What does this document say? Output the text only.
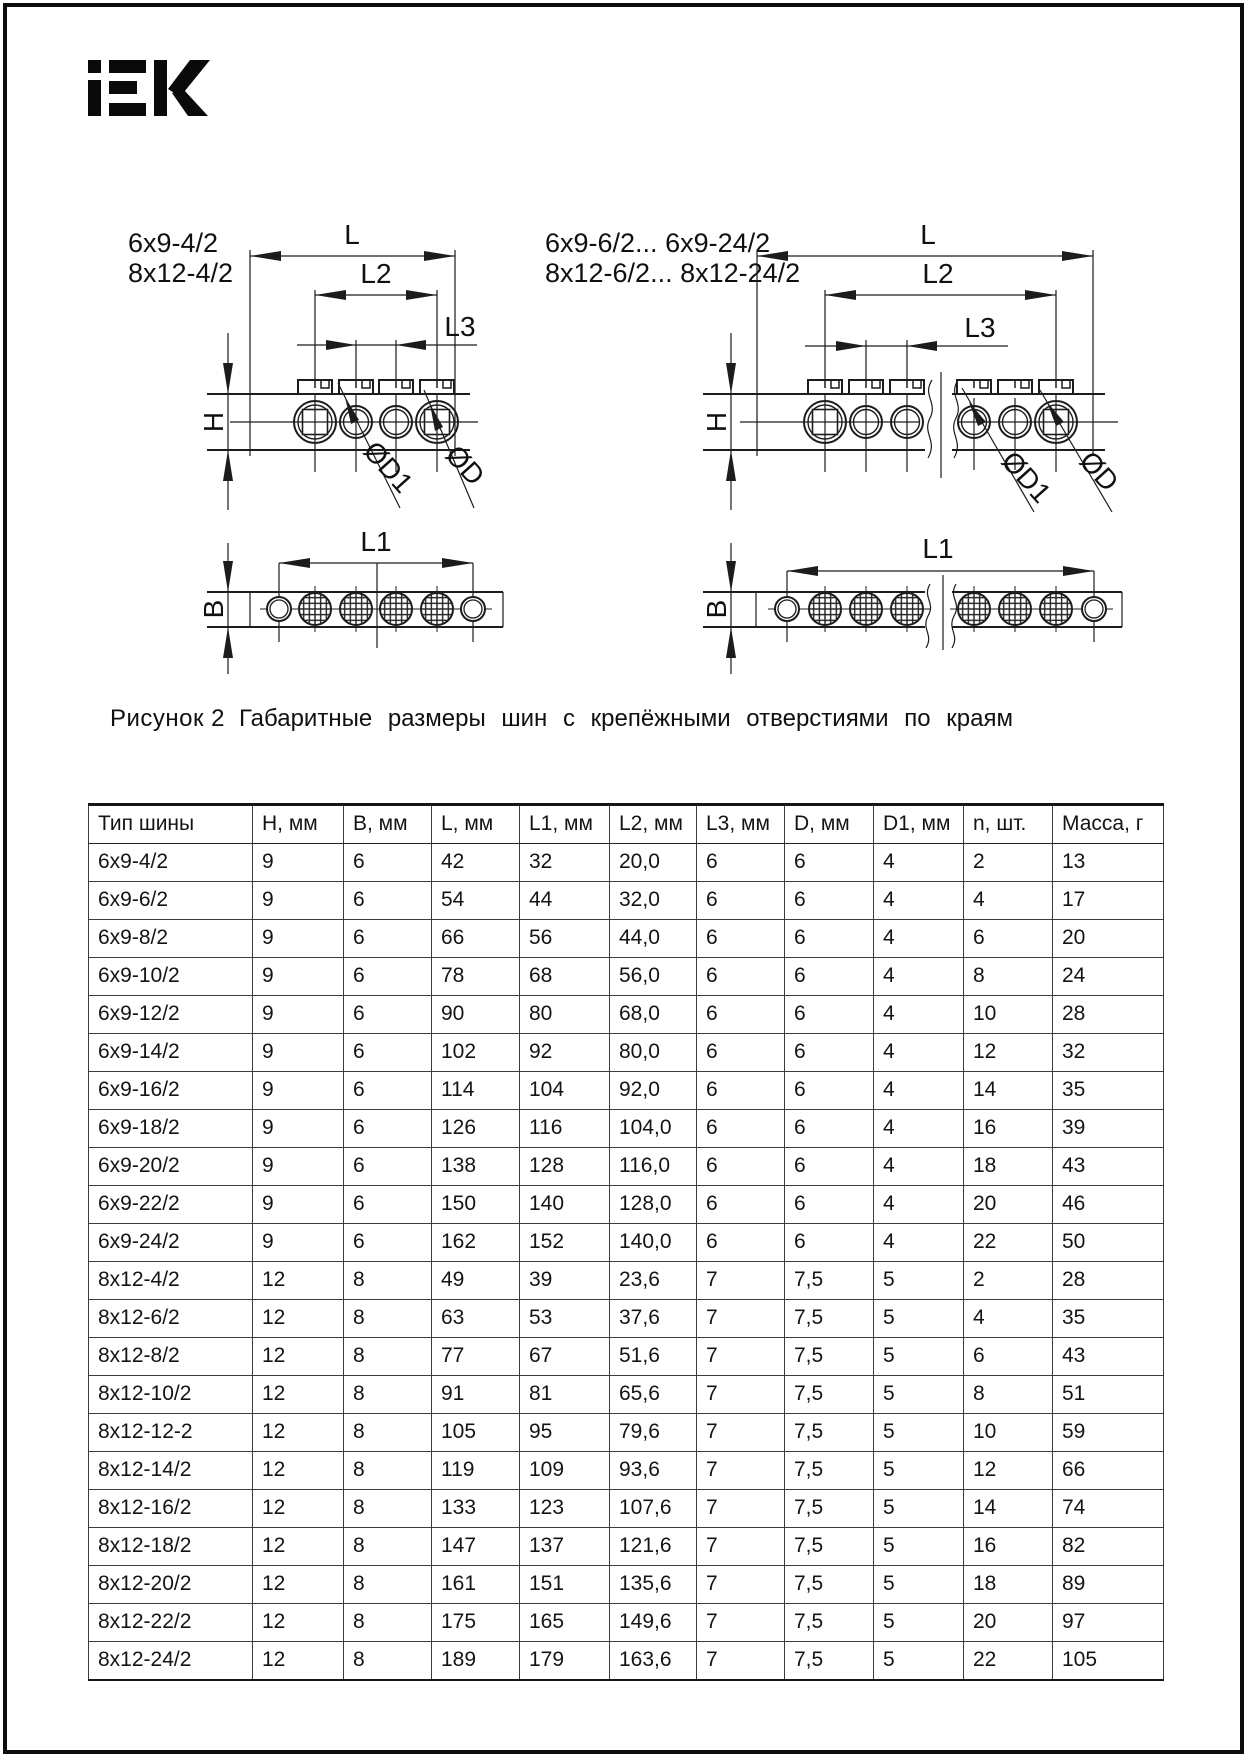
6x9-4/2
8x12-4/2
L
L2
L3
H
ØD1 ØD
L1
B
6x9-6/2... 6x9-24/2
8x12-6/2... 8x12-24/2
L
L2
L3
H
ØD1 ØD
L1
B
Рисунок 2 Габаритные размеры шин с крепёжными отверстиями по краям
Тип шины	H, мм	B, мм	L, мм	L1, мм	L2, мм	L3, мм	D, мм	D1, мм	n, шт.	Масса, г
6x9-4/2	9	6	42	32	20,0	6	6	4	2	13
6x9-6/2	9	6	54	44	32,0	6	6	4	4	17
6x9-8/2	9	6	66	56	44,0	6	6	4	6	20
6x9-10/2	9	6	78	68	56,0	6	6	4	8	24
6x9-12/2	9	6	90	80	68,0	6	6	4	10	28
6x9-14/2	9	6	102	92	80,0	6	6	4	12	32
6x9-16/2	9	6	114	104	92,0	6	6	4	14	35
6x9-18/2	9	6	126	116	104,0	6	6	4	16	39
6x9-20/2	9	6	138	128	116,0	6	6	4	18	43
6x9-22/2	9	6	150	140	128,0	6	6	4	20	46
6x9-24/2	9	6	162	152	140,0	6	6	4	22	50
8x12-4/2	12	8	49	39	23,6	7	7,5	5	2	28
8x12-6/2	12	8	63	53	37,6	7	7,5	5	4	35
8x12-8/2	12	8	77	67	51,6	7	7,5	5	6	43
8x12-10/2	12	8	91	81	65,6	7	7,5	5	8	51
8x12-12-2	12	8	105	95	79,6	7	7,5	5	10	59
8x12-14/2	12	8	119	109	93,6	7	7,5	5	12	66
8x12-16/2	12	8	133	123	107,6	7	7,5	5	14	74
8x12-18/2	12	8	147	137	121,6	7	7,5	5	16	82
8x12-20/2	12	8	161	151	135,6	7	7,5	5	18	89
8x12-22/2	12	8	175	165	149,6	7	7,5	5	20	97
8x12-24/2	12	8	189	179	163,6	7	7,5	5	22	105
